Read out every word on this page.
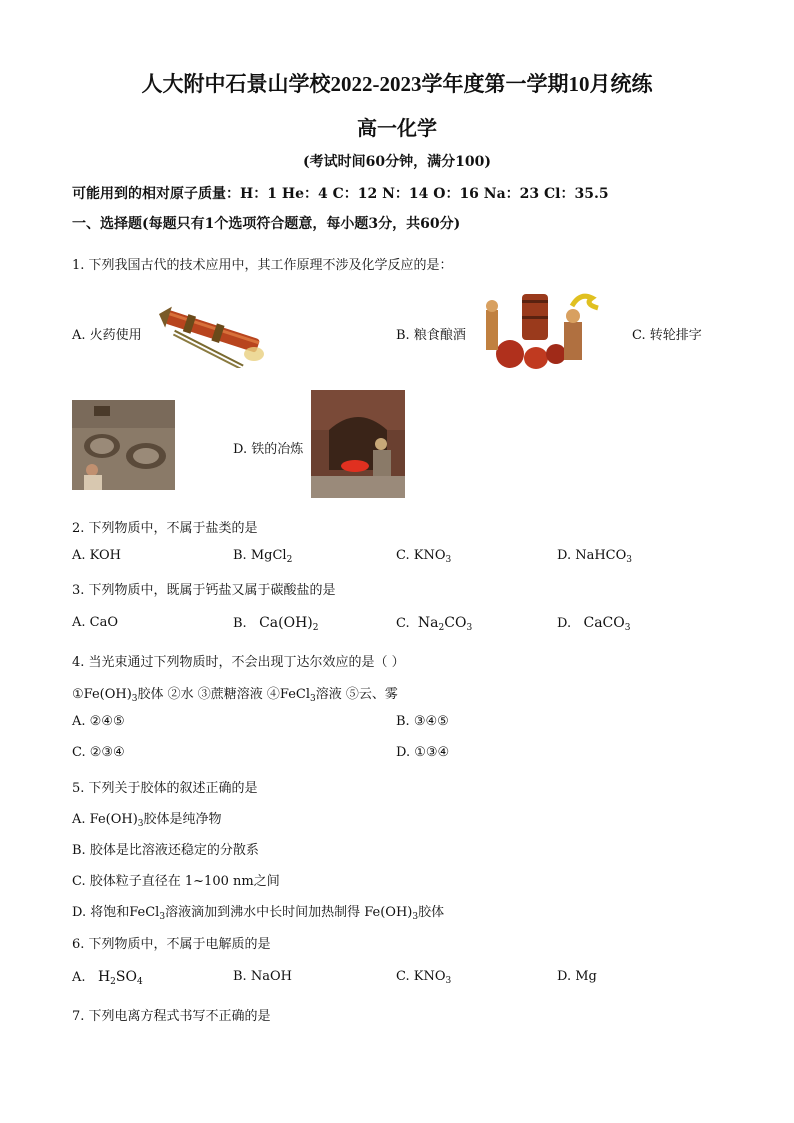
人大附中石景山学校2022-2023学年度第一学期10月统练
高一化学
(考试时间60分钟，满分100)
可能用到的相对原子质量：H：1 He：4 C：12 N：14 O：16 Na：23 Cl：35.5
一、选择题(每题只有1个选项符合题意，每小题3分，共60分)
1. 下列我国古代的技术应用中，其工作原理不涉及化学反应的是：
A. 火药使用	B. 粮食酿酒	C. 转轮排字
D. 铁的冶炼
2. 下列物质中，不属于盐类的是
A. KOH	B. MgCl$_2$	C. $KNO_3$	D. NaHCO$_3$
3. 下列物质中，既属于钙盐又属于碳酸盐的是
A. CaO	B. $Ca(OH)_2$	C. $Na_2CO_3$	D. CaCO$_3$
4. 当光束通过下列物质时，不会出现丁达尔效应的是（ ）
$①Fe(OH)_3$胶体 ②水 ③蔗糖溶液 ④FeCl$_3$溶液 ⑤云、雾
A. ②④⑤	B. ③④⑤
C. ②③④	D. ①③④
5. 下列关于胶体的叙述正确的是
A. $Fe(OH)_3$胶体是纯净物
B. 胶体是比溶液还稳定的分散系
C. 胶体粒子直径在 1~100 nm之间
D. 将饱和FeCl$_3$溶液滴加到沸水中长时间加热制得 $Fe(OH)_3$胶体
6. 下列物质中，不属于电解质的是
A. $H_2SO_4$	B. NaOH	C. $KNO_3$	D. Mg
7. 下列电离方程式书写不正确的是
